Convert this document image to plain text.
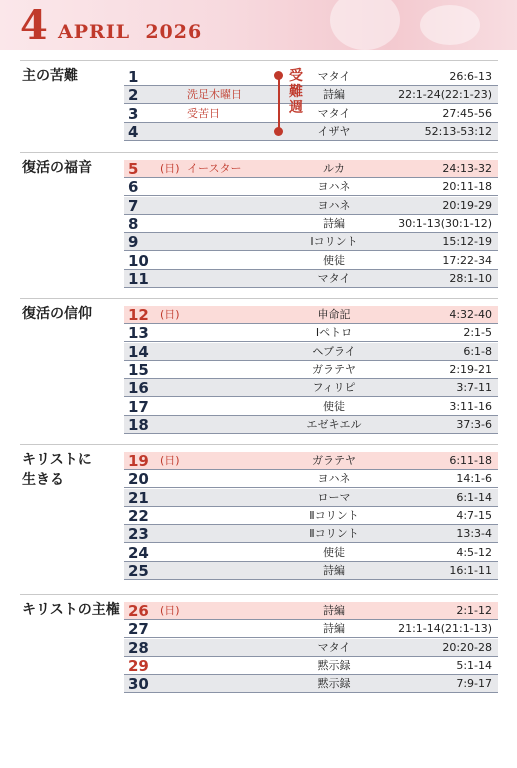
4 APRIL 2026
主の苦難	1	マタイ	26:6-13
2	洗足木曜日	詩編	22:1-24(22:1-23)
3	受苦日	マタイ	27:45-56
4	イザヤ	52:13-53:12
復活の福音 5 (日) イースター	ルカ	24:13-32
6	ヨハネ	20:11-18
7	ヨハネ	20:19-29
8	詩編	30:1-13(30:1-12)
9	Ⅰコリント	15:12-19
10	使徒	17:22-34
11	マタイ	28:1-10
復活の信仰 12 (日)	申命記	4:32-40
13	Ⅰペトロ	2:1-5
14	ヘブライ	6:1-8
15	ガラテヤ	2:19-21
16	フィリピ	3:7-11
17	使徒	3:11-16
18	エゼキエル	37:3-6
キリストに
生きる
19 (日)	ガラテヤ	6:11-18
20	ヨハネ	14:1-6
21	ローマ	6:1-14
22	Ⅱコリント	4:7-15
23	Ⅱコリント	13:3-4
24	使徒	4:5-12
25	詩編	16:1-11
キリストの主権 26 (日)	詩編	2:1-12
27	詩編	21:1-14(21:1-13)
28	マタイ	20:20-28
29	黙示録	5:1-14
30	黙示録	7:9-17
受難週
